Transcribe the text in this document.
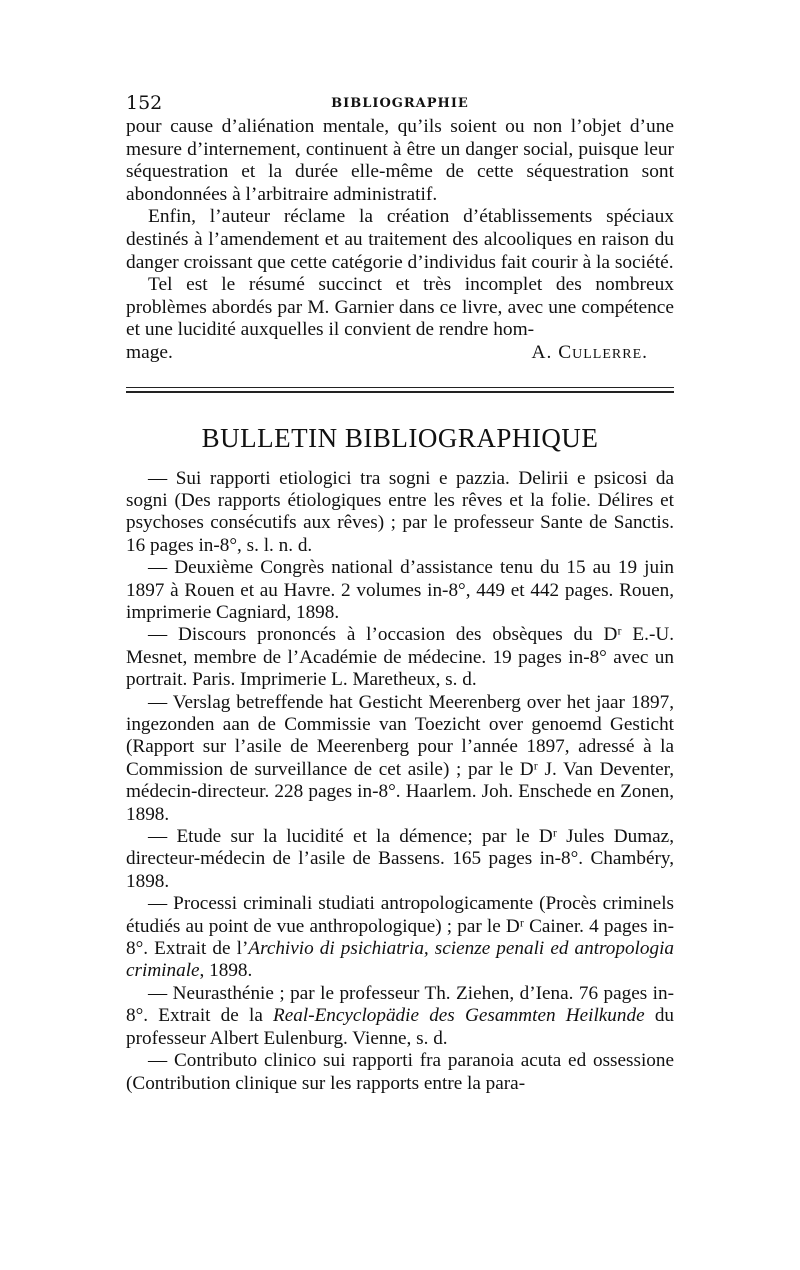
152	BIBLIOGRAPHIE

pour cause d’aliénation mentale, qu’ils soient ou non l’objet d’une mesure d’internement, continuent à être un danger social, puisque leur séquestration et la durée elle-même de cette séquestration sont abondonnées à l’arbitraire administratif.

Enfin, l’auteur réclame la création d’établissements spéciaux destinés à l’amendement et au traitement des alcooliques en raison du danger croissant que cette catégorie d’individus fait courir à la société.

Tel est le résumé succinct et très incomplet des nombreux problèmes abordés par M. Garnier dans ce livre, avec une compétence et une lucidité auxquelles il convient de rendre hom-

mage.	A. Cullerre.
BULLETIN BIBLIOGRAPHIQUE

— Sui rapporti etiologici tra sogni e pazzia. Delirii e psicosi da sogni (Des rapports étiologiques entre les rêves et la folie. Délires et psychoses consécutifs aux rêves) ; par le professeur Sante de Sanctis. 16 pages in-8°, s. l. n. d.

— Deuxième Congrès national d’assistance tenu du 15 au 19 juin 1897 à Rouen et au Havre. 2 volumes in-8°, 449 et 442 pages. Rouen, imprimerie Cagniard, 1898.

— Discours prononcés à l’occasion des obsèques du Dʳ E.-U. Mesnet, membre de l’Académie de médecine. 19 pages in-8° avec un portrait. Paris. Imprimerie L. Maretheux, s. d.

— Verslag betreffende hat Gesticht Meerenberg over het jaar 1897, ingezonden aan de Commissie van Toezicht over genoemd Gesticht (Rapport sur l’asile de Meerenberg pour l’année 1897, adressé à la Commission de surveillance de cet asile) ; par le Dʳ J. Van Deventer, médecin-directeur. 228 pages in-8°. Haarlem. Joh. Enschede en Zonen, 1898.

— Etude sur la lucidité et la démence; par le Dʳ Jules Dumaz, directeur-médecin de l’asile de Bassens. 165 pages in-8°. Chambéry, 1898.

— Processi criminali studiati antropologicamente (Procès criminels étudiés au point de vue anthropologique) ; par le Dʳ Cainer. 4 pages in-8°. Extrait de l’Archivio di psichiatria, scienze penali ed antropologia criminale, 1898.

— Neurasthénie ; par le professeur Th. Ziehen, d’Iena. 76 pages in-8°. Extrait de la Real-Encyclopädie des Gesammten Heilkunde du professeur Albert Eulenburg. Vienne, s. d.

— Contributo clinico sui rapporti fra paranoia acuta ed ossessione (Contribution clinique sur les rapports entre la para-
